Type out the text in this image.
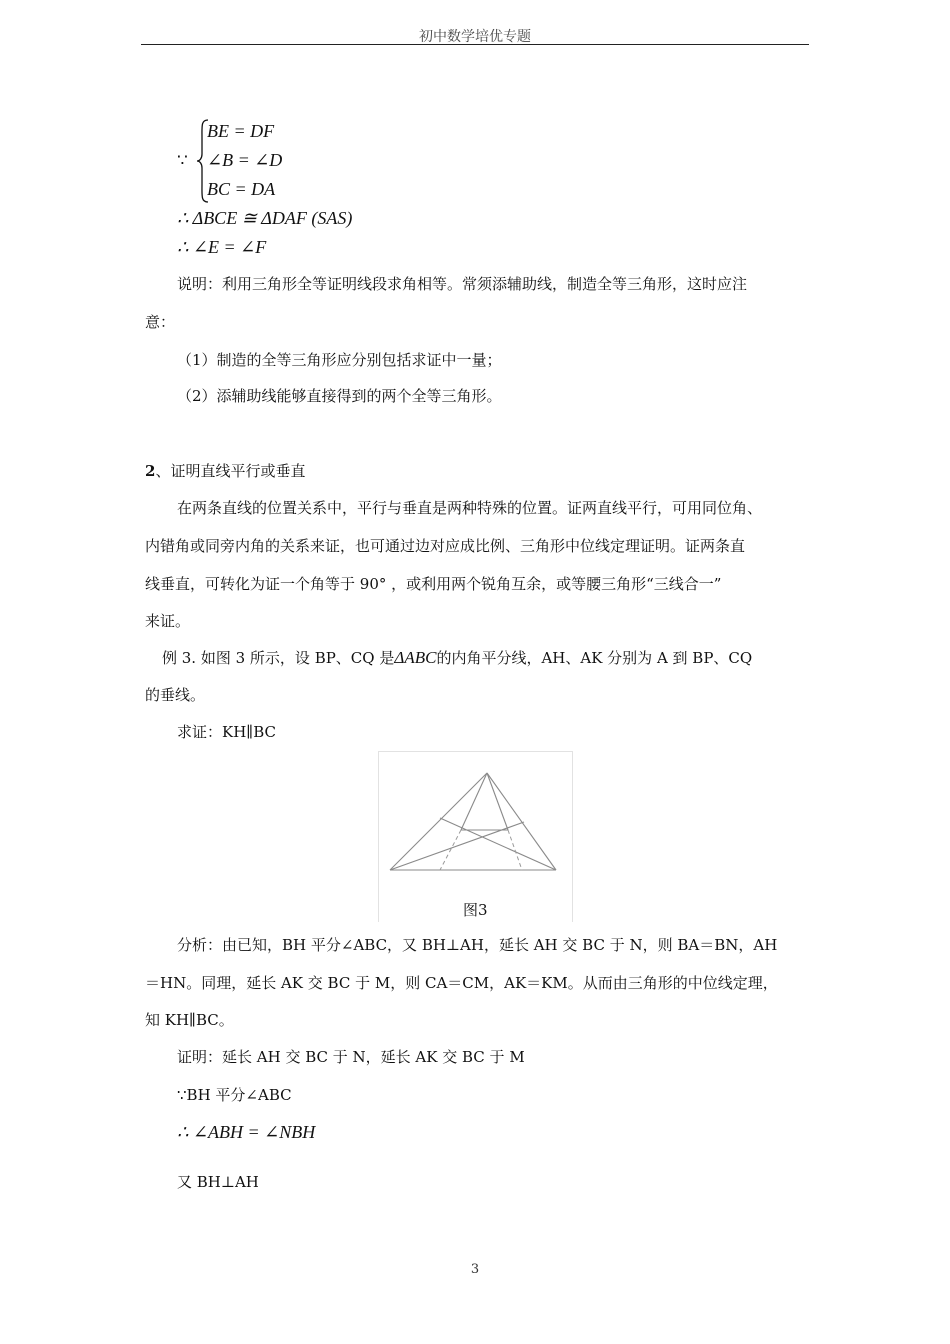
初中数学培优专题
∵
BE = DF
∠B = ∠D
BC = DA
∴ ΔBCE ≅ ΔDAF (SAS)
∴ ∠E = ∠F
说明：利用三角形全等证明线段求角相等。常须添辅助线，制造全等三角形，这时应注
意：
（1）制造的全等三角形应分别包括求证中一量；
（2）添辅助线能够直接得到的两个全等三角形。
2、证明直线平行或垂直
在两条直线的位置关系中，平行与垂直是两种特殊的位置。证两直线平行，可用同位角、
内错角或同旁内角的关系来证，也可通过边对应成比例、三角形中位线定理证明。证两条直
线垂直，可转化为证一个角等于 90° ，或利用两个锐角互余，或等腰三角形“三线合一”
来证。
例 3. 如图 3 所示，设 BP、CQ 是ΔABC的内角平分线，AH、AK 分别为 A 到 BP、CQ
的垂线。
求证：KH∥BC
图3
分析：由已知，BH 平分∠ABC，又 BH⊥AH，延长 AH 交 BC 于 N，则 BA＝BN，AH
＝HN。同理，延长 AK 交 BC 于 M，则 CA＝CM，AK＝KM。从而由三角形的中位线定理，
知 KH∥BC。
证明：延长 AH 交 BC 于 N，延长 AK 交 BC 于 M
∵BH 平分∠ABC
∴ ∠ABH = ∠NBH
又 BH⊥AH
3
